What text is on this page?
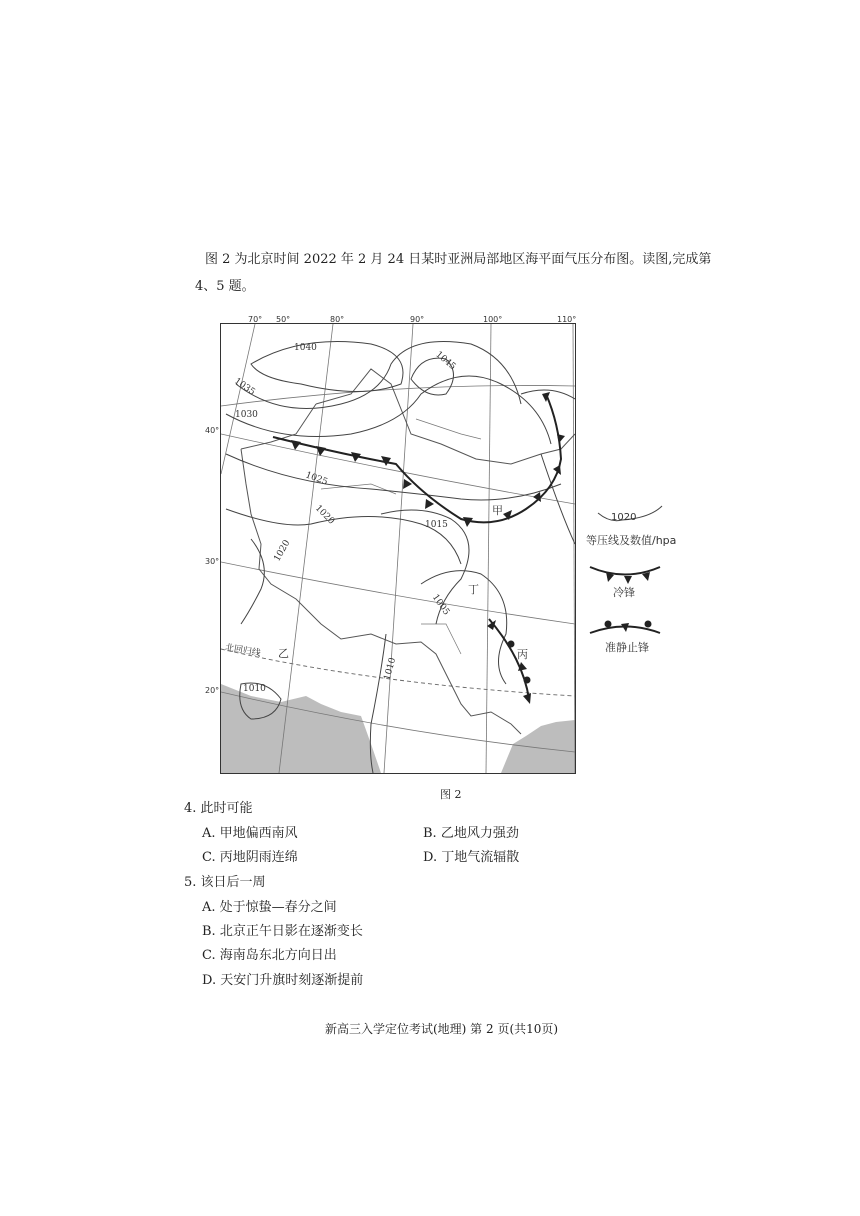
图 2 为北京时间 2022 年 2 月 24 日某时亚洲局部地区海平面气压分布图。读图,完成第
4、5 题。
1040
1045
1035
1030
1025
1020	1015
1020
1005
1010
1010
甲
丁
丙
乙
北回归线
70° 50°	80°	90°	100°	110°
40°
30°
20°
1020
等压线及数值/hpa
冷锋
准静止锋
图 2
4. 此时可能
A. 甲地偏西南风	B. 乙地风力强劲
C. 丙地阴雨连绵	D. 丁地气流辐散
5. 该日后一周
A. 处于惊蛰—春分之间
B. 北京正午日影在逐渐变长
C. 海南岛东北方向日出
D. 天安门升旗时刻逐渐提前
新高三入学定位考试(地理) 第 2 页(共10页)
